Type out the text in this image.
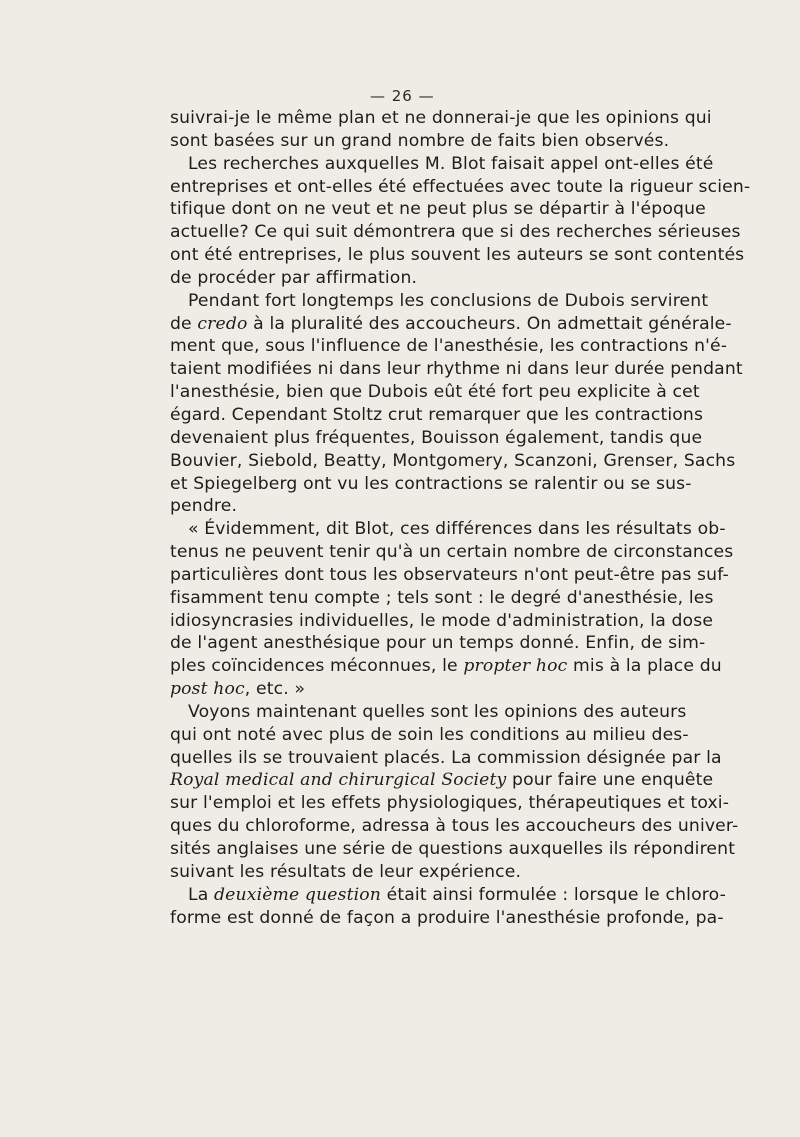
— 26 —
suivrai-je le même plan et ne donnerai-je que les opinions qui
sont basées sur un grand nombre de faits bien observés.
Les recherches auxquelles M. Blot faisait appel ont-elles été
entreprises et ont-elles été effectuées avec toute la rigueur scien-
tifique dont on ne veut et ne peut plus se départir à l'époque
actuelle? Ce qui suit démontrera que si des recherches sérieuses
ont été entreprises, le plus souvent les auteurs se sont contentés
de procéder par affirmation.
Pendant fort longtemps les conclusions de Dubois servirent
de credo à la pluralité des accoucheurs. On admettait générale-
ment que, sous l'influence de l'anesthésie, les contractions n'é-
taient modifiées ni dans leur rhythme ni dans leur durée pendant
l'anesthésie, bien que Dubois eût été fort peu explicite à cet
égard. Cependant Stoltz crut remarquer que les contractions
devenaient plus fréquentes, Bouisson également, tandis que
Bouvier, Siebold, Beatty, Montgomery, Scanzoni, Grenser, Sachs
et Spiegelberg ont vu les contractions se ralentir ou se sus-
pendre.
« Évidemment, dit Blot, ces différences dans les résultats ob-
tenus ne peuvent tenir qu'à un certain nombre de circonstances
particulières dont tous les observateurs n'ont peut-être pas suf-
fisamment tenu compte ; tels sont : le degré d'anesthésie, les
idiosyncrasies individuelles, le mode d'administration, la dose
de l'agent anesthésique pour un temps donné. Enfin, de sim-
ples coïncidences méconnues, le propter hoc mis à la place du
post hoc, etc. »
Voyons maintenant quelles sont les opinions des auteurs
qui ont noté avec plus de soin les conditions au milieu des-
quelles ils se trouvaient placés. La commission désignée par la
Royal medical and chirurgical Society pour faire une enquête
sur l'emploi et les effets physiologiques, thérapeutiques et toxi-
ques du chloroforme, adressa à tous les accoucheurs des univer-
sités anglaises une série de questions auxquelles ils répondirent
suivant les résultats de leur expérience.
La deuxième question était ainsi formulée : lorsque le chloro-
forme est donné de façon a produire l'anesthésie profonde, pa-
